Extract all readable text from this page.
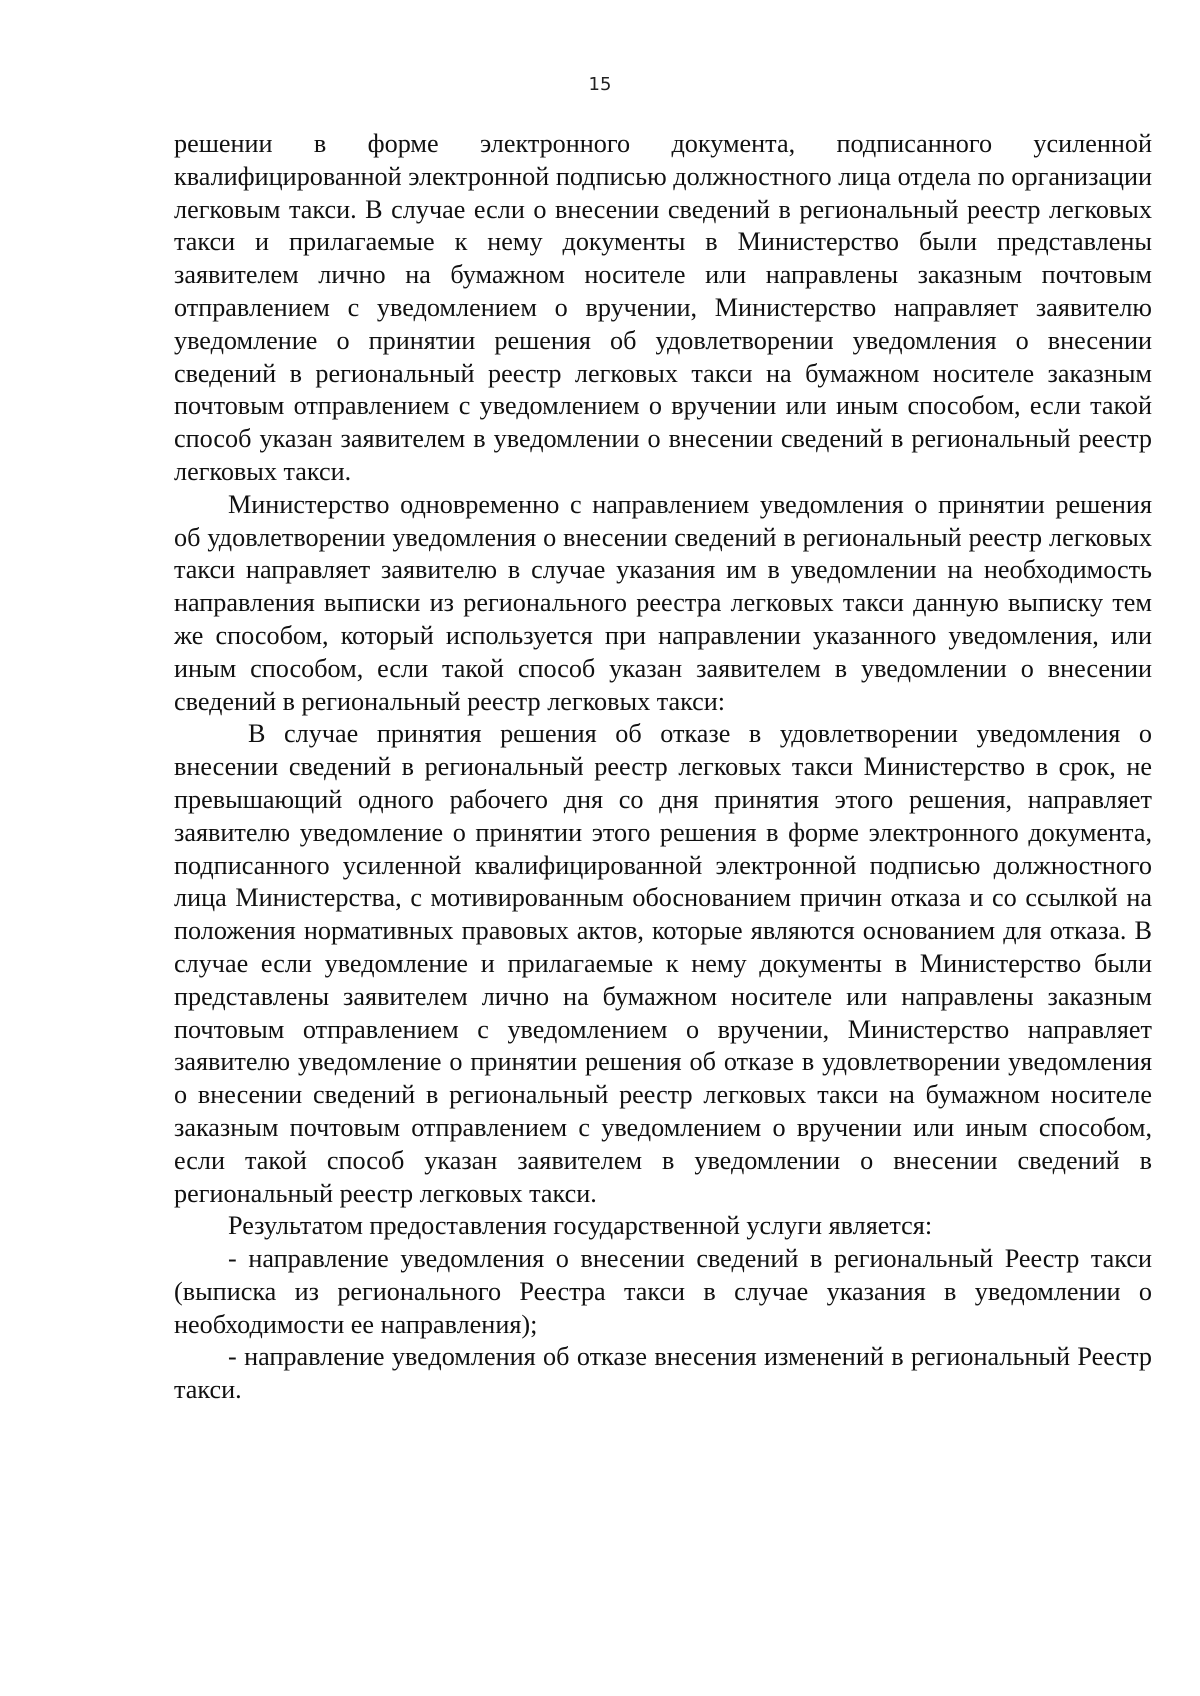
15

решении в форме электронного документа, подписанного усиленной квалифицированной электронной подписью должностного лица отдела по организации легковым такси. В случае если о внесении сведений в региональный реестр легковых такси и прилагаемые к нему документы в Министерство были представлены заявителем лично на бумажном носителе или направлены заказным почтовым отправлением с уведомлением о вручении, Министерство направляет заявителю уведомление о принятии решения об удовлетворении уведомления о внесении сведений в региональный реестр легковых такси на бумажном носителе заказным почтовым отправлением с уведомлением о вручении или иным способом, если такой способ указан заявителем в уведомлении о внесении сведений в региональный реестр легковых такси.

Министерство одновременно с направлением уведомления о принятии решения об удовлетворении уведомления о внесении сведений в региональный реестр легковых такси направляет заявителю в случае указания им в уведомлении на необходимость направления выписки из регионального реестра легковых такси данную выписку тем же способом, который используется при направлении указанного уведомления, или иным способом, если такой способ указан заявителем в уведомлении о внесении сведений в региональный реестр легковых такси:

В случае принятия решения об отказе в удовлетворении уведомления о внесении сведений в региональный реестр легковых такси Министерство в срок, не превышающий одного рабочего дня со дня принятия этого решения, направляет заявителю уведомление о принятии этого решения в форме электронного документа, подписанного усиленной квалифицированной электронной подписью должностного лица Министерства, с мотивированным обоснованием причин отказа и со ссылкой на положения нормативных правовых актов, которые являются основанием для отказа. В случае если уведомление и прилагаемые к нему документы в Министерство были представлены заявителем лично на бумажном носителе или направлены заказным почтовым отправлением с уведомлением о вручении, Министерство направляет заявителю уведомление о принятии решения об отказе в удовлетворении уведомления о внесении сведений в региональный реестр легковых такси на бумажном носителе заказным почтовым отправлением с уведомлением о вручении или иным способом, если такой способ указан заявителем в уведомлении о внесении сведений в региональный реестр легковых такси.

Результатом предоставления государственной услуги является:

- направление уведомления о внесении сведений в региональный Реестр такси (выписка из регионального Реестра такси в случае указания в уведомлении о необходимости ее направления);

- направление уведомления об отказе внесения изменений в региональный Реестр такси.
